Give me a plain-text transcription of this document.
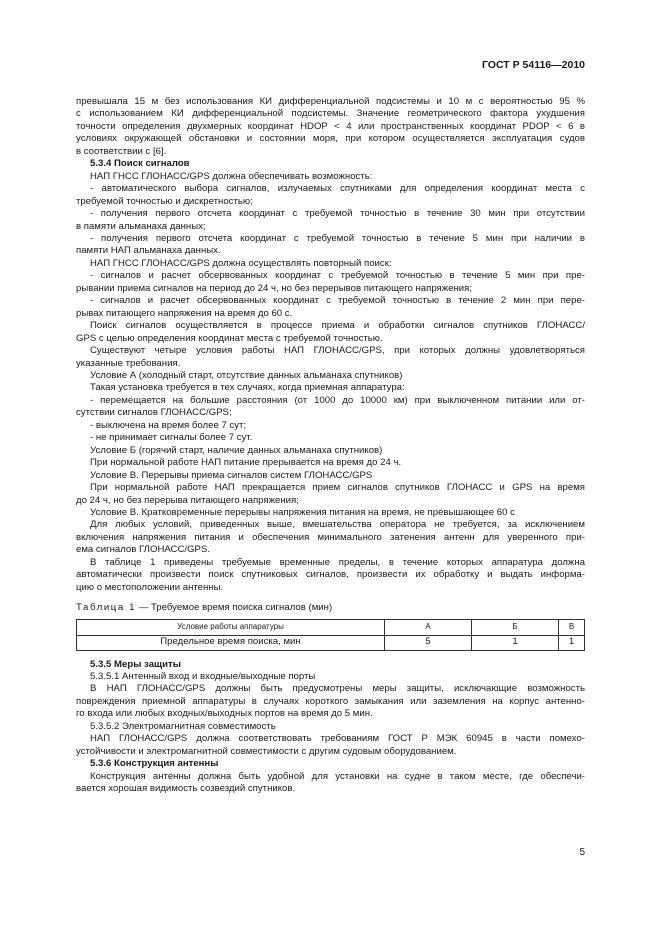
ГОСТ Р 54116—2010
превышала 15 м без использования КИ дифференциальной подсистемы и 10 м с вероятностью 95 %
с использованием КИ дифференциальной подсистемы. Значение геометрического фактора ухудшения
точности определения двухмерных координат HDOP < 4 или пространственных координат PDOP < 6 в
условиях окружающей обстановки и состоянии моря, при котором осуществляется эксплуатация судов
в соответствии с [6].
5.3.4 Поиск сигналов
НАП ГНСС ГЛОНАСС/GPS должна обеспечивать возможность:
- автоматического выбора сигналов, излучаемых спутниками для определения координат места с
требуемой точностью и дискретностью;
- получения первого отсчета координат с требуемой точностью в течение 30 мин при отсутствии
в памяти альманаха данных;
- получения первого отсчета координат с требуемой точностью в течение 5 мин при наличии в
памяти НАП альманаха данных.
НАП ГНСС ГЛОНАСС/GPS должна осуществлять повторный поиск:
- сигналов и расчет обсервованных координат с требуемой точностью в течение 5 мин при пре-
рывании приема сигналов на период до 24 ч, но без перерывов питающего напряжения;
- сигналов и расчет обсервованных координат с требуемой точностью в течение 2 мин при пере-
рывах питающего напряжения на время до 60 с.
Поиск сигналов осуществляется в процессе приема и обработки сигналов спутников ГЛОНАСС/
GPS с целью определения координат места с требуемой точностью.
Существуют четыре условия работы НАП ГЛОНАСС/GPS, при которых должны удовлетворяться
указанные требования.
Условие А (холодный старт, отсутствие данных альманаха спутников)
Такая установка требуется в тех случаях, когда приемная аппаратура:
- перемещается на большие расстояния (от 1000 до 10000 км) при выключенном питании или от-
сутствии сигналов ГЛОНАСС/GPS;
- выключена на время более 7 сут;
- не принимает сигналы более 7 сут.
Условие Б (горячий старт, наличие данных альманаха спутников)
При нормальной работе НАП питание прерывается на время до 24 ч.
Условие В. Перерывы приема сигналов систем ГЛОНАСС/GPS
При нормальной работе НАП прекращается прием сигналов спутников ГЛОНАСС и GPS на время
до 24 ч, но без перерыва питающего напряжения;
Условие В. Кратковременные перерывы напряжения питания на время, не превышающее 60 с
Для любых условий, приведенных выше, вмешательства оператора не требуется, за исключением
включения напряжения питания и обеспечения минимального затенения антенн для уверенного при-
ема сигналов ГЛОНАСС/GPS.
В таблице 1 приведены требуемые временные пределы, в течение которых аппаратура должна
автоматически произвести поиск спутниковых сигналов, произвести их обработку и выдать информа-
цию о местоположении антенны.
Таблица 1 — Требуемое время поиска сигналов (мин)
Условие работы аппаратуры	А	Б	В
Предельное время поиска, мин	5	1	1
5.3.5 Меры защиты
5.3.5.1 Антенный вход и входные/выходные порты
В НАП ГЛОНАСС/GPS должны быть предусмотрены меры защиты, исключающие возможность
повреждения приемной аппаратуры в случаях короткого замыкания или заземления на корпус антенно-
го входа или любых входных/выходных портов на время до 5 мин.
5.3.5.2 Электромагнитная совместимость
НАП ГЛОНАСС/GPS должна соответствовать требованиям ГОСТ Р МЭК 60945 в части помехо-
устойчивости и электромагнитной совместимости с другим судовым оборудованием.
5.3.6 Конструкция антенны
Конструкция антенны должна быть удобной для установки на судне в таком месте, где обеспечи-
вается хорошая видимость созвездий спутников.
5
